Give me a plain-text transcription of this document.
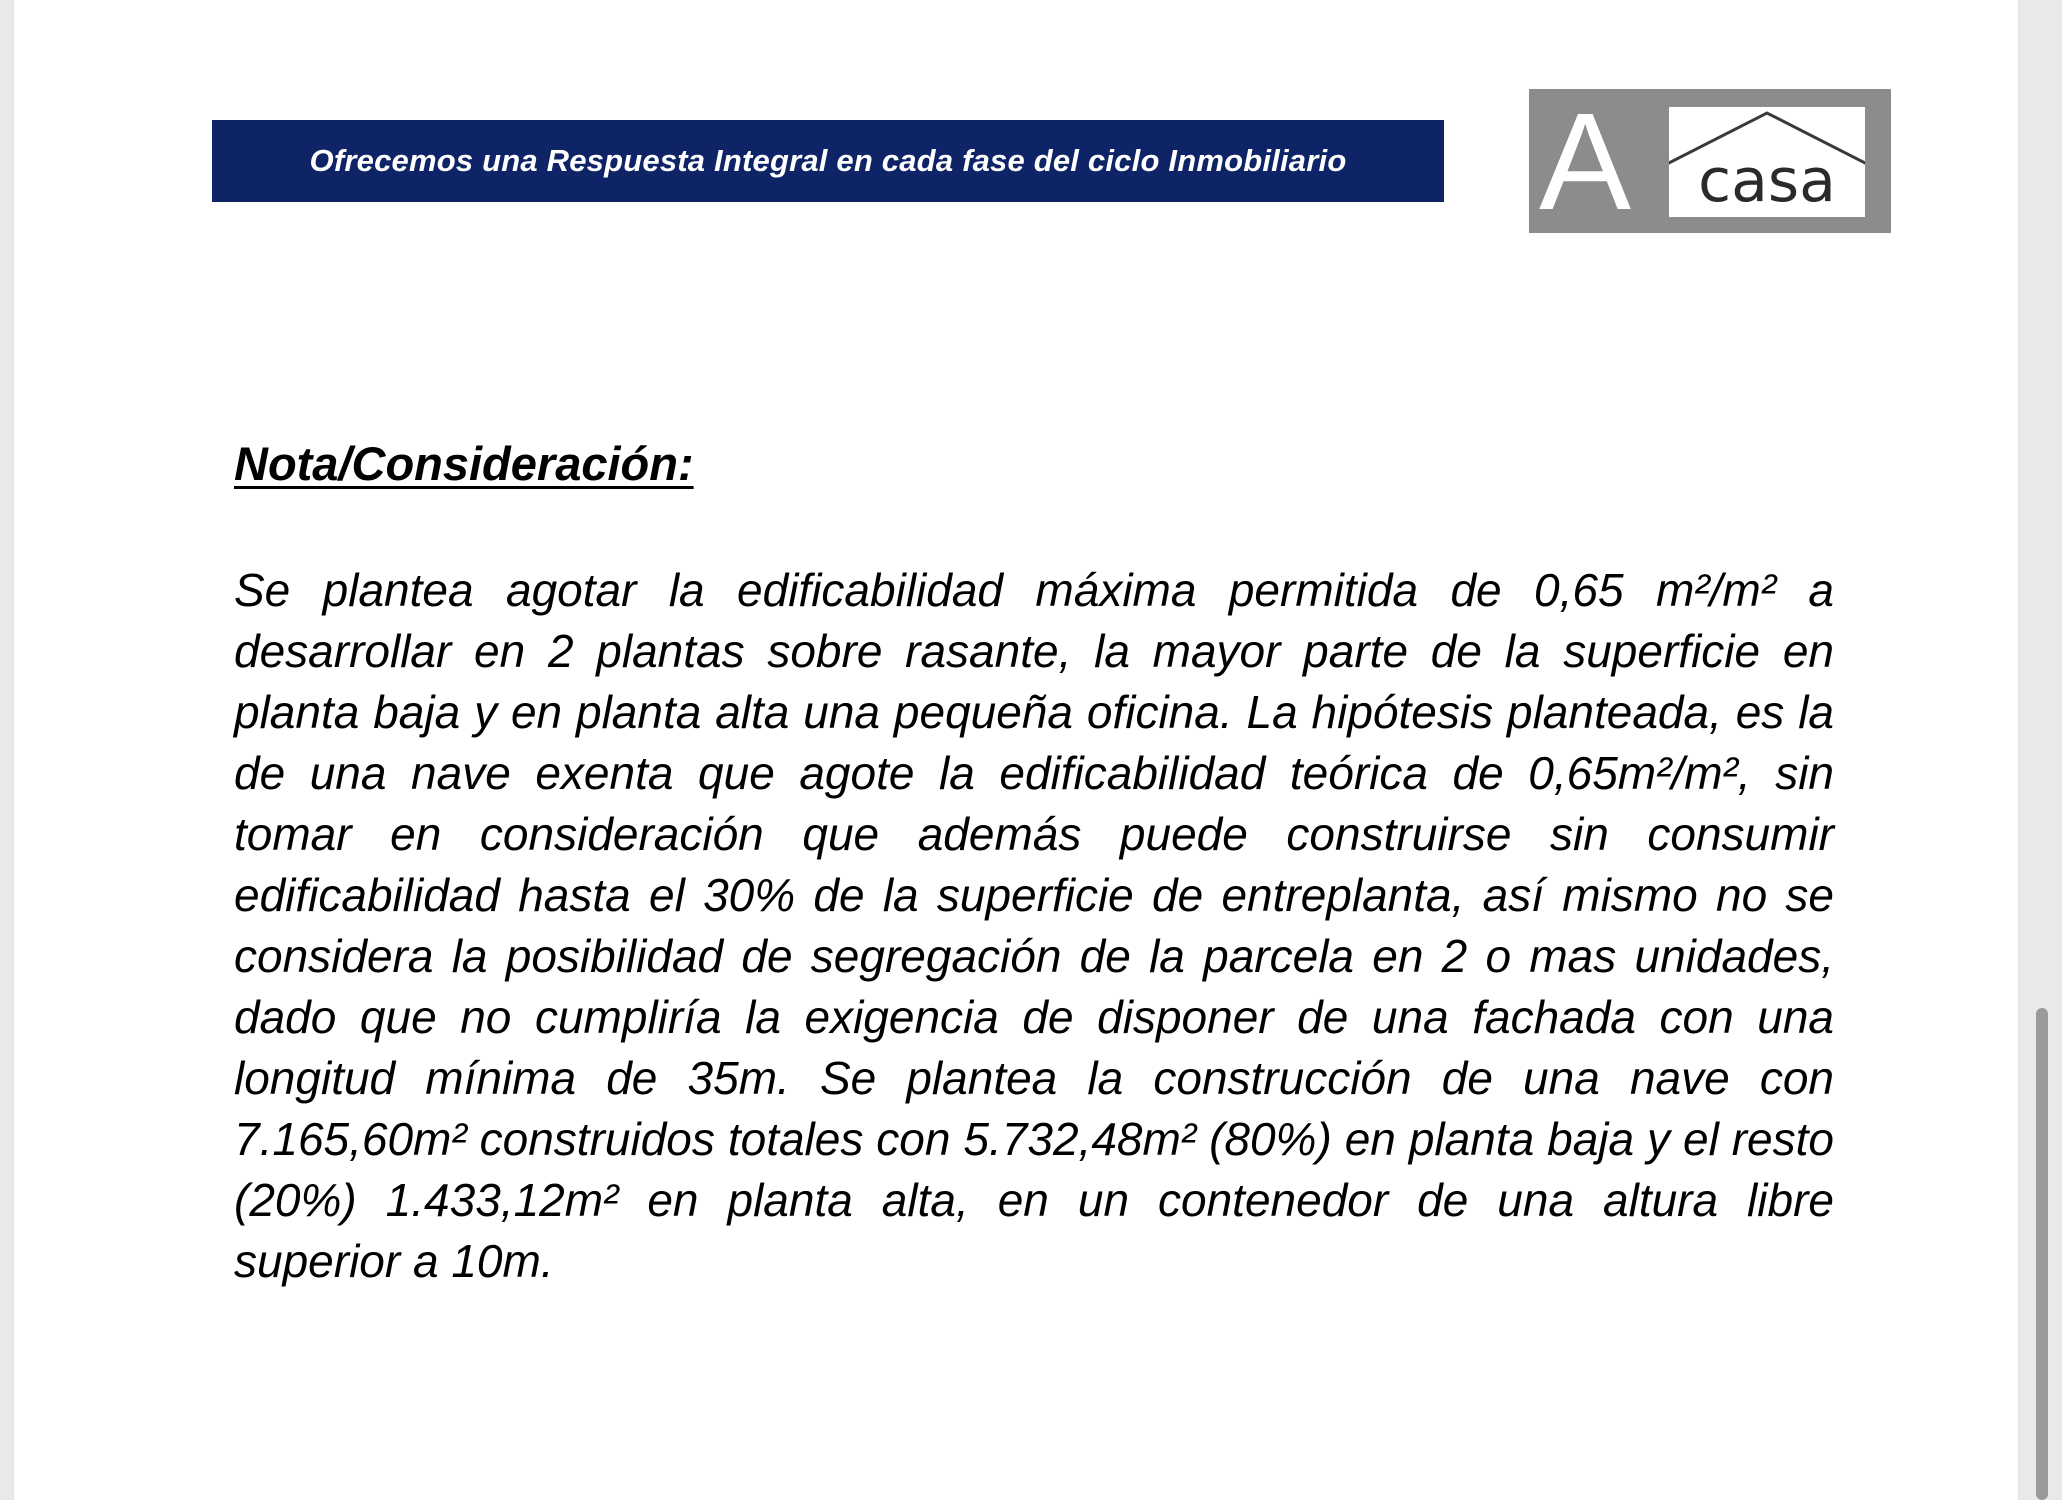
Ofrecemos una Respuesta Integral en cada fase del ciclo Inmobiliario A	casa
Nota/Consideración:

Se plantea agotar la edificabilidad máxima permitida de 0,65 m²/m² a desarrollar en 2 plantas sobre rasante, la mayor parte de la superficie en planta baja y en planta alta una pequeña oficina. La hipótesis planteada, es la de una nave exenta que agote la edificabilidad teórica de 0,65m²/m², sin tomar en consideración que además puede construirse sin consumir edificabilidad hasta el 30% de la superficie de entreplanta, así mismo no se considera la posibilidad de segregación de la parcela en 2 o mas unidades, dado que no cumpliría la exigencia de disponer de una fachada con una longitud mínima de 35m. Se plantea la construcción de una nave con 7.165,60m² construidos totales con 5.732,48m² (80%) en planta baja y el resto (20%) 1.433,12m² en planta alta, en un contenedor de una altura libre superior a 10m.
